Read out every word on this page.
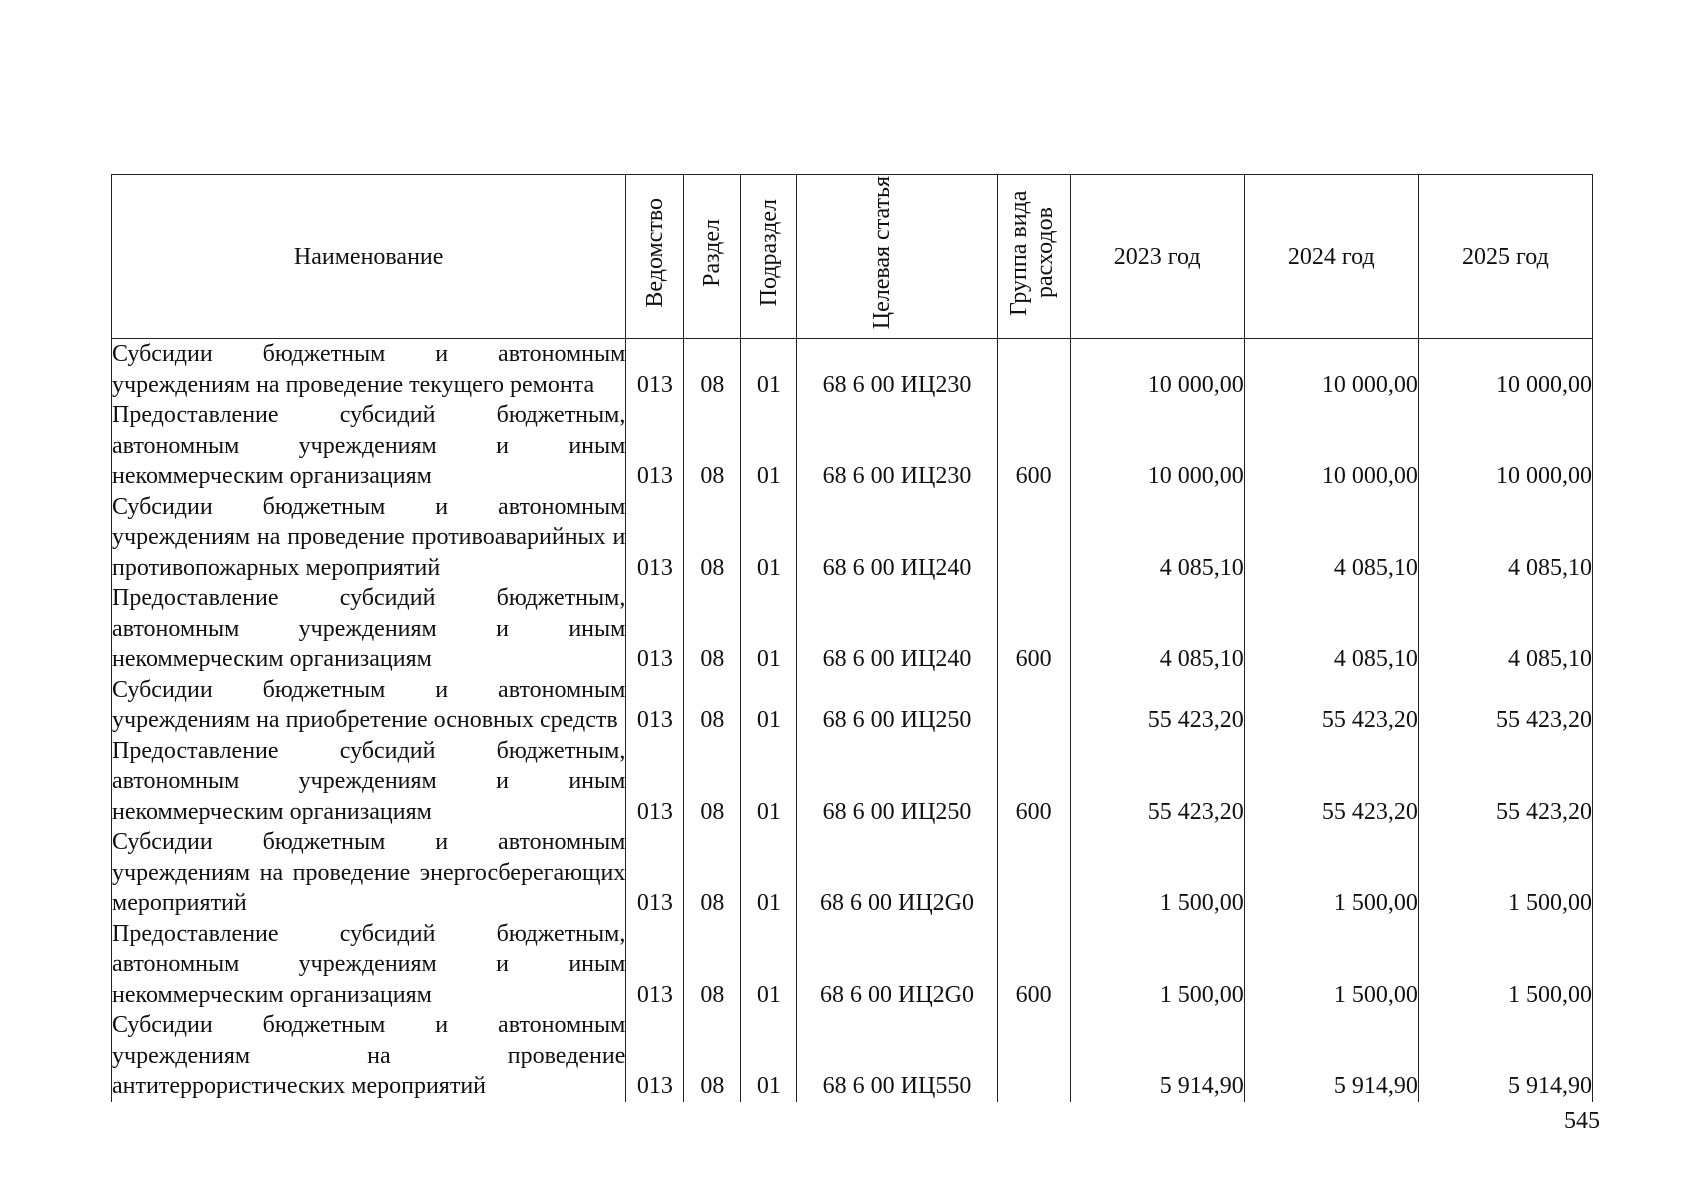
Наименование	Ведомство	Раздел	Подраздел	Целевая статья	Группа вида расходов	2023 год	2024 год	2025 год
Субсидии бюджетным и автономным учреждениям на проведение текущего ремонта	013	08	01	68 6 00 ИЦ230		10 000,00	10 000,00	10 000,00
Предоставление субсидий бюджетным, автономным учреждениям и иным некоммерческим организациям	013	08	01	68 6 00 ИЦ230	600	10 000,00	10 000,00	10 000,00
Субсидии бюджетным и автономным учреждениям на проведение противоаварийных и противопожарных мероприятий	013	08	01	68 6 00 ИЦ240		4 085,10	4 085,10	4 085,10
Предоставление субсидий бюджетным, автономным учреждениям и иным некоммерческим организациям	013	08	01	68 6 00 ИЦ240	600	4 085,10	4 085,10	4 085,10
Субсидии бюджетным и автономным учреждениям на приобретение основных средств	013	08	01	68 6 00 ИЦ250		55 423,20	55 423,20	55 423,20
Предоставление субсидий бюджетным, автономным учреждениям и иным некоммерческим организациям	013	08	01	68 6 00 ИЦ250	600	55 423,20	55 423,20	55 423,20
Субсидии бюджетным и автономным учреждениям на проведение энергосберегающих мероприятий	013	08	01	68 6 00 ИЦ2G0		1 500,00	1 500,00	1 500,00
Предоставление субсидий бюджетным, автономным учреждениям и иным некоммерческим организациям	013	08	01	68 6 00 ИЦ2G0	600	1 500,00	1 500,00	1 500,00
Субсидии бюджетным и автономным учреждениям на проведение антитеррористических мероприятий	013	08	01	68 6 00 ИЦ550		5 914,90	5 914,90	5 914,90
545
